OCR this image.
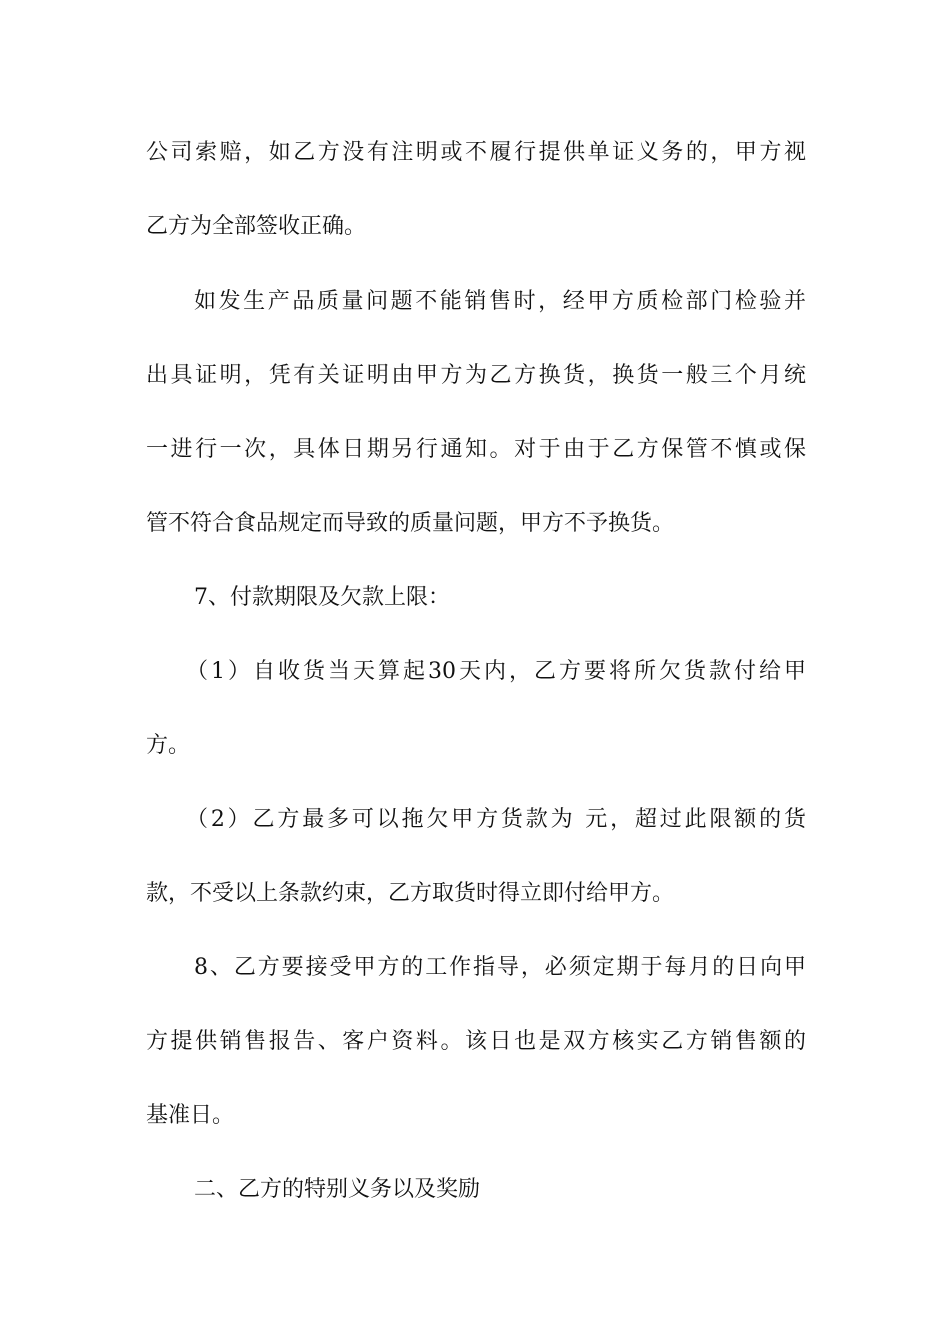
公司索赔，如乙方没有注明或不履行提供单证义务的，甲方视
乙方为全部签收正确。
如发生产品质量问题不能销售时，经甲方质检部门检验并
出具证明，凭有关证明由甲方为乙方换货，换货一般三个月统
一进行一次，具体日期另行通知。对于由于乙方保管不慎或保
管不符合食品规定而导致的质量问题，甲方不予换货。
7、付款期限及欠款上限：
（1）自收货当天算起30天内，乙方要将所欠货款付给甲
方。
（2）乙方最多可以拖欠甲方货款为 元，超过此限额的货
款，不受以上条款约束，乙方取货时得立即付给甲方。
8、乙方要接受甲方的工作指导，必须定期于每月的日向甲
方提供销售报告、客户资料。该日也是双方核实乙方销售额的
基准日。
二、乙方的特别义务以及奖励
